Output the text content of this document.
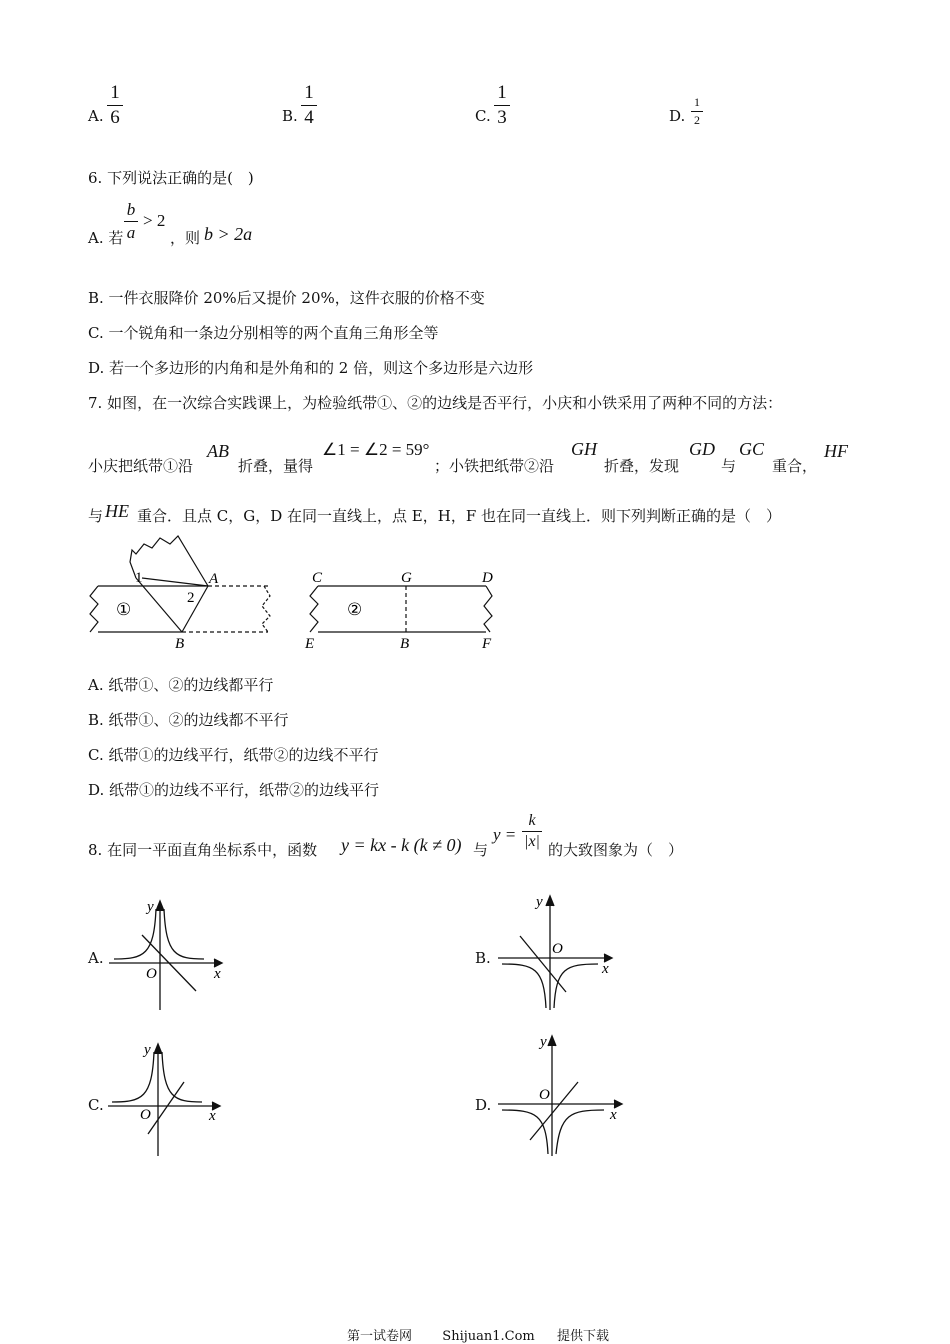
A.
1
6	B.
1
4	C.
1
3	D.
1
2
6. 下列说法正确的是(　)
A. 若
b
a
> 2
，则 b > 2a
B. 一件衣服降价 20%后又提价 20%，这件衣服的价格不变
C. 一个锐角和一条边分别相等的两个直角三角形全等
D. 若一个多边形的内角和是外角和的 2 倍，则这个多边形是六边形
7. 如图，在一次综合实践课上，为检验纸带①、②的边线是否平行，小庆和小铁采用了两种不同的方法：
小庆把纸带①沿
AB
折叠，量得
∠1 = ∠2 = 59°
；小铁把纸带②沿
GH
折叠，发现
GD
与
GC
重合，
HF
与 HE 重合．且点 C，G，D 在同一直线上，点 E，H，F 也在同一直线上．则下列判断正确的是（　）
1
2
A
B
①
C	G	D
E	B	F
②
A. 纸带①、②的边线都平行
B. 纸带①、②的边线都不平行
C. 纸带①的边线平行，纸带②的边线不平行
D. 纸带①的边线不平行，纸带②的边线平行
8. 在同一平面直角坐标系中，函数 y = kx - k (k ≠ 0) 与
y =
k
|x| 的大致图象为（　）
A.
y
x
O
B.
y
x
O
C.
y
x
O
D.
y
x
O
第一试卷网 Shijuan1.Com 提供下载
